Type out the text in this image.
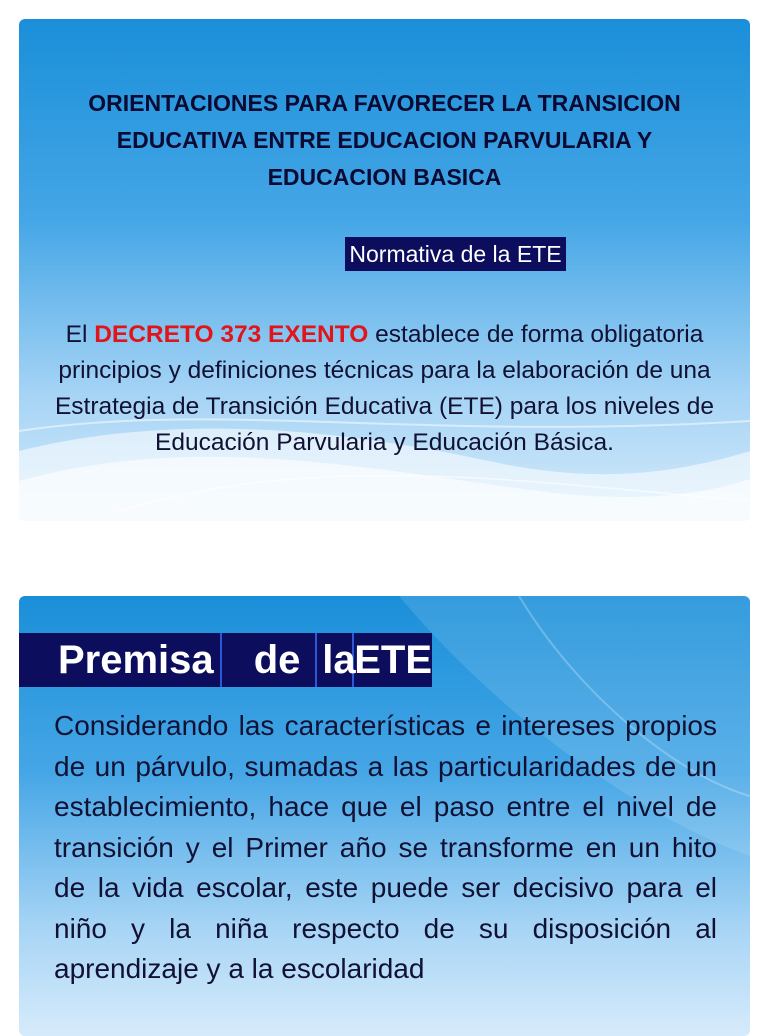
ORIENTACIONES PARA FAVORECER LA TRANSICION EDUCATIVA ENTRE EDUCACION PARVULARIA Y EDUCACION BASICA
Normativa de la ETE
El DECRETO 373 EXENTO establece de forma obligatoria principios y definiciones técnicas para la elaboración de una Estrategia de Transición Educativa (ETE) para los niveles de Educación Parvularia y Educación Básica.
Premisa	de la
ETE
Considerando las características e intereses propios de un párvulo, sumadas a las particularidades de un establecimiento, hace que el paso entre el nivel de transición y el Primer año se transforme en un hito de la vida escolar, este puede ser decisivo para el niño y la niña respecto de su disposición al aprendizaje y a la escolaridad
